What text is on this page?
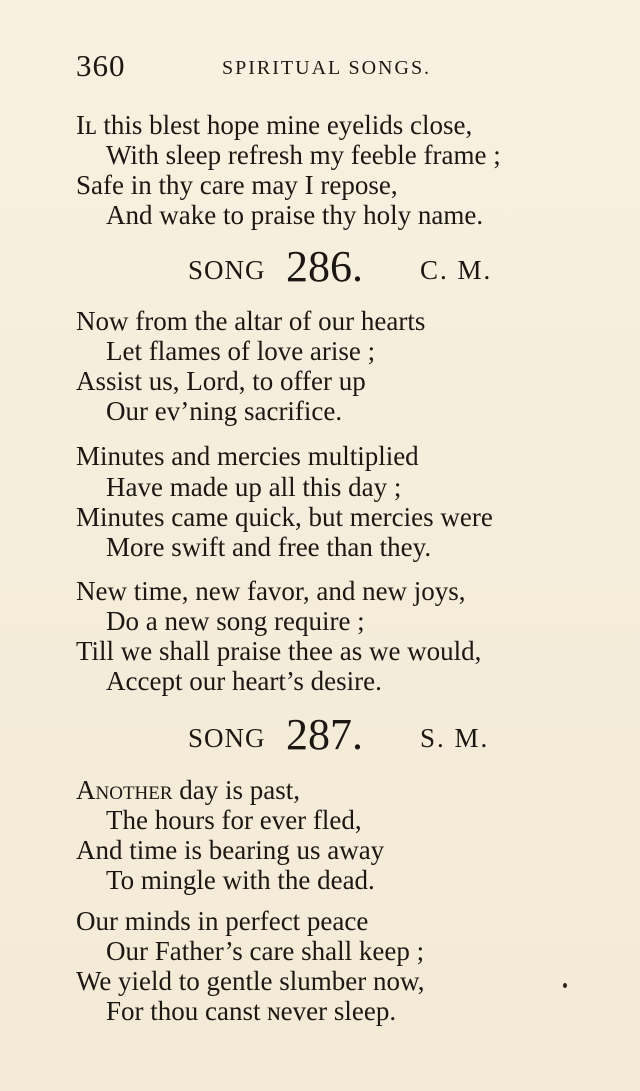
360	SPIRITUAL SONGS.
Iʟ this blest hope mine eyelids close,
With sleep refresh my feeble frame ;
Safe in thy care may I repose,
And wake to praise thy holy name.
SONG 286. C. M.
Now from the altar of our hearts
Let flames of love arise ;
Assist us, Lord, to offer up
Our ev’ning sacrifice.
Minutes and mercies multiplied
Have made up all this day ;
Minutes came quick, but mercies were
More swift and free than they.
New time, new favor, and new joys,
Do a new song require ;
Till we shall praise thee as we would,
Accept our heart’s desire.
SONG 287. S. M.
Another day is past,
The hours for ever fled,
And time is bearing us away
To mingle with the dead.
Our minds in perfect peace
Our Father’s care shall keep ;
We yield to gentle slumber now,
For thou canst ɴever sleep.
